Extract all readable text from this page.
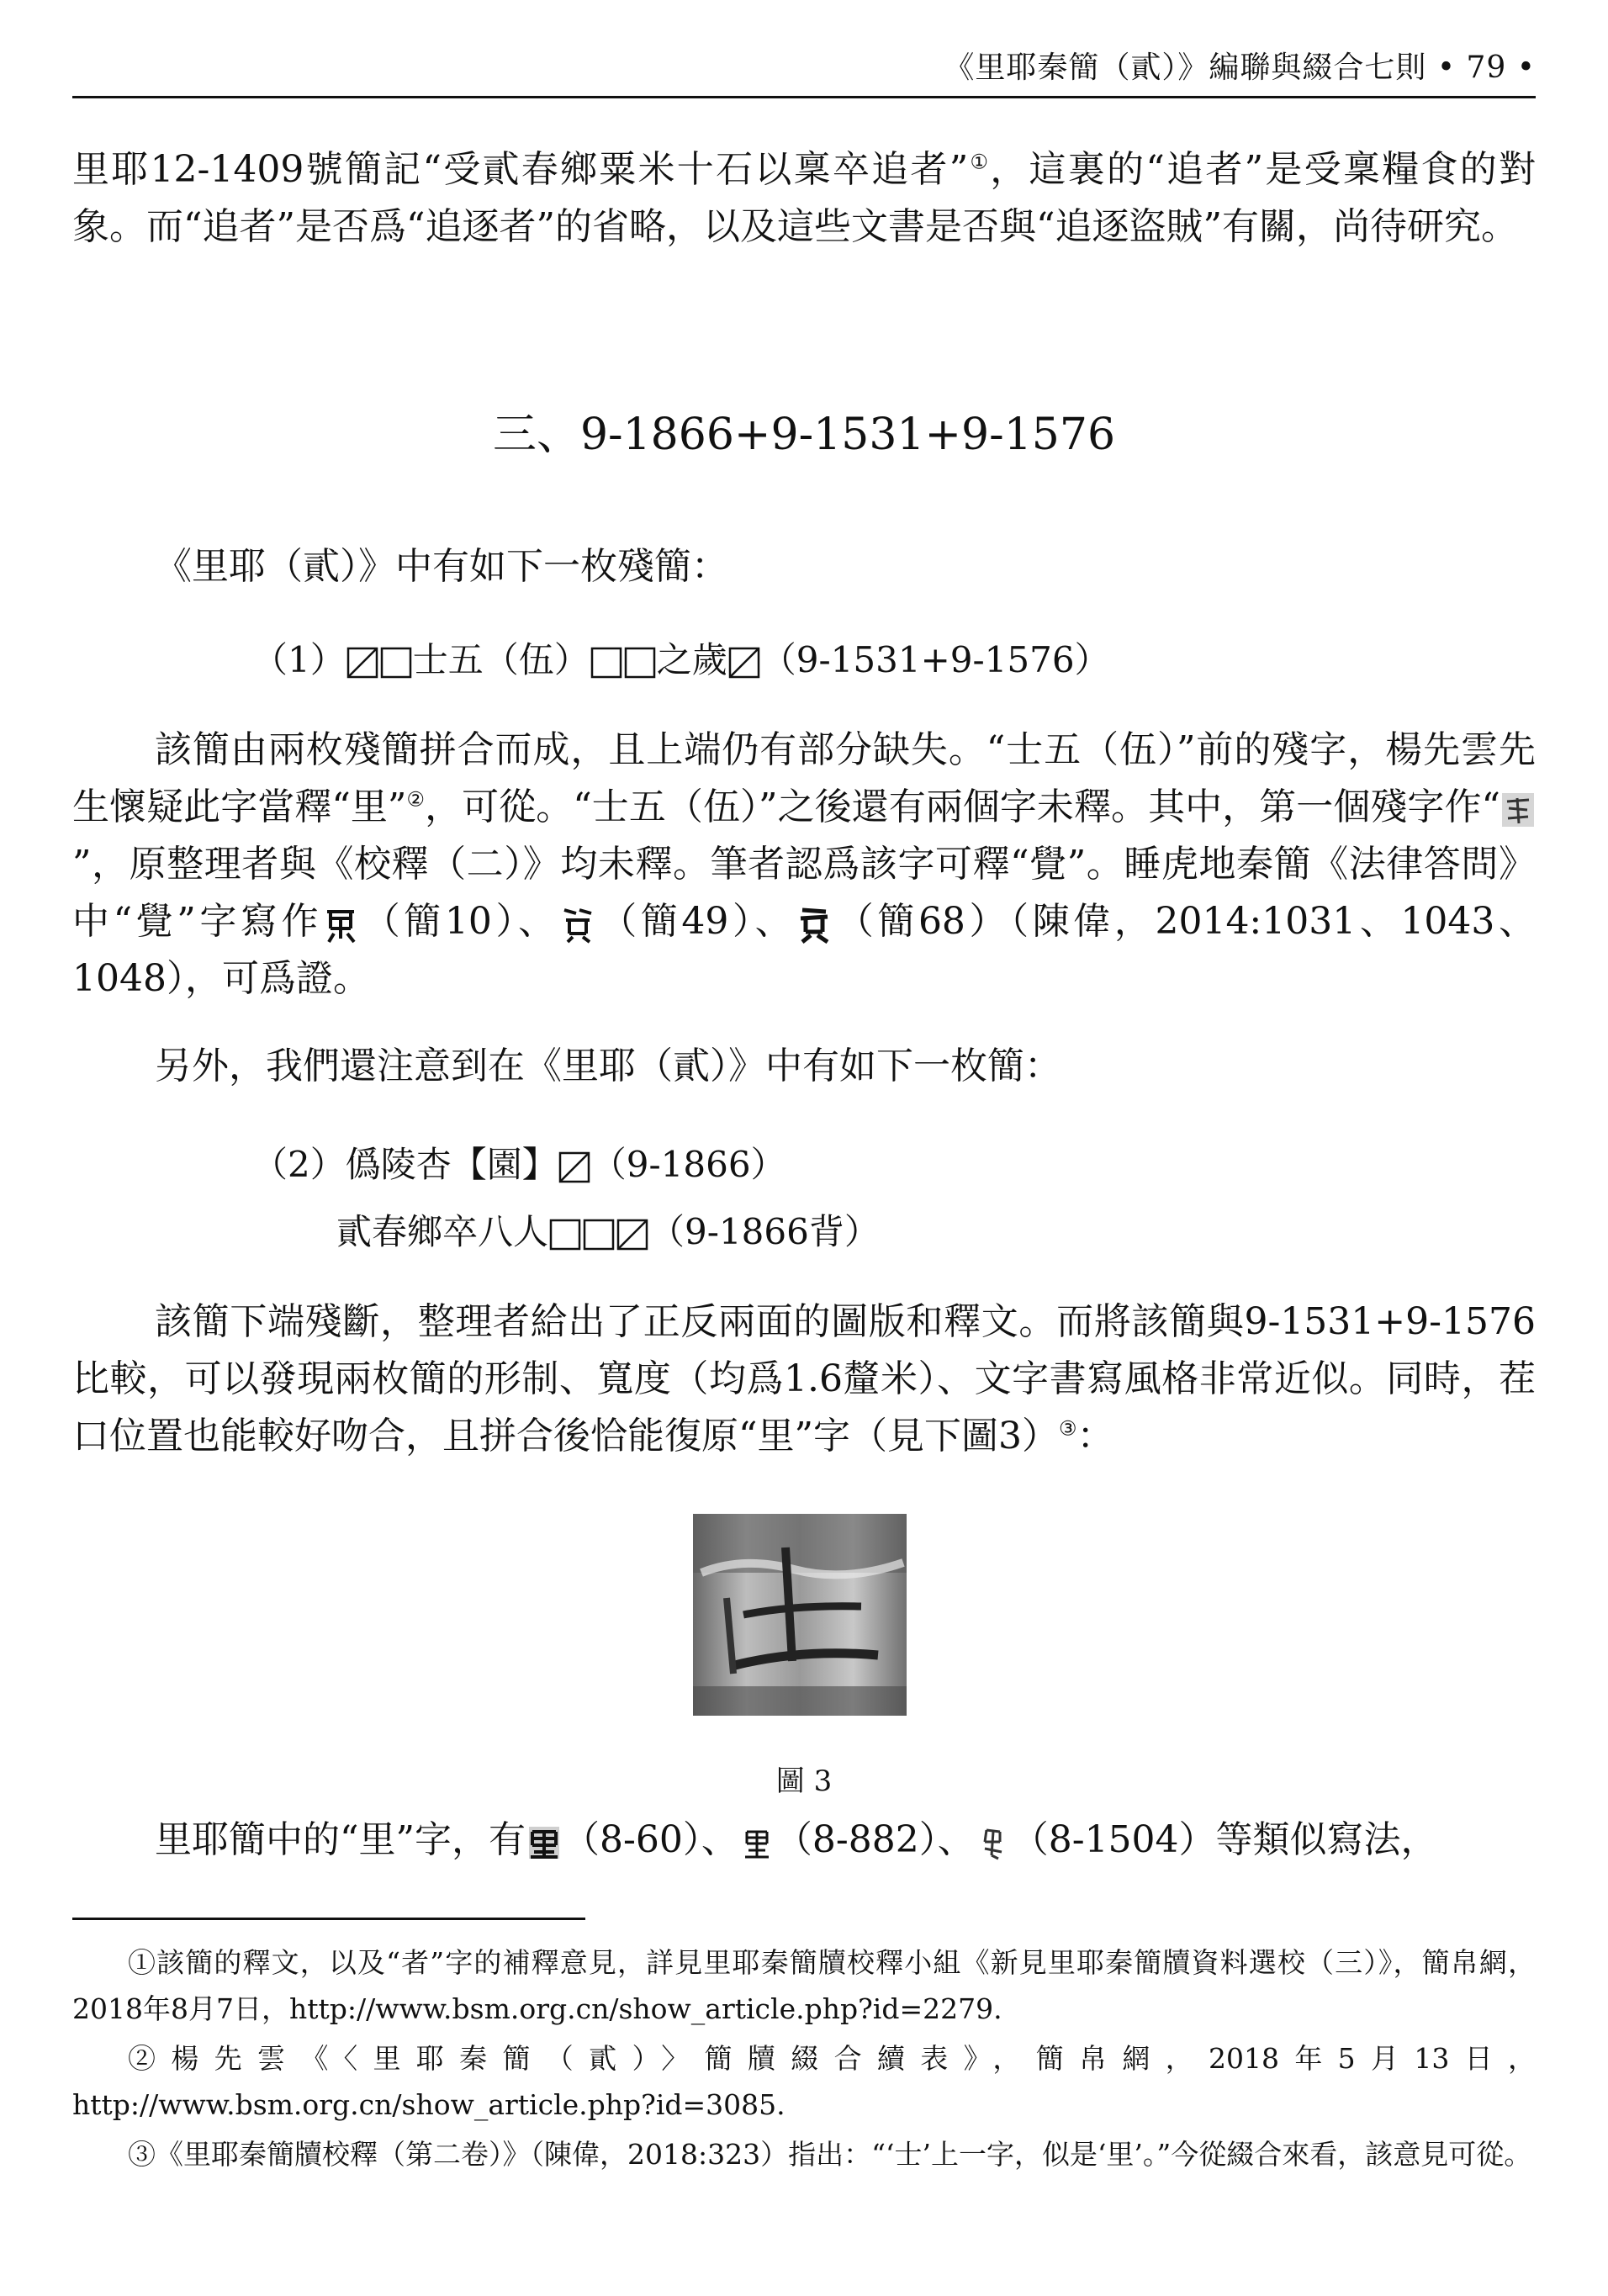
《里耶秦簡（貳）》編聯與綴合七則 • 79 •

里耶12-1409號簡記“受貳春鄉粟米十石以稟卒追者”①，這裏的“追者”是受稟糧食的對象。而“追者”是否爲“追逐者”的省略，以及這些文書是否與“追逐盜賊”有關，尚待研究。

三、9-1866+9-1531+9-1576

《里耶（貳）》中有如下一枚殘簡：

（1） 士五（伍） 之歲 （9-1531+9-1576）

該簡由兩枚殘簡拼合而成，且上端仍有部分缺失。“士五（伍）”前的殘字，楊先雲先生懷疑此字當釋“里”②，可從。“士五（伍）”之後還有兩個字未釋。其中，第一個殘字作“”，原整理者與《校釋（二）》均未釋。筆者認爲該字可釋“覺”。睡虎地秦簡《法律答問》中“覺”字寫作 （簡10）、 （簡49）、 （簡68）（陳偉，2014:1031、1043、1048），可爲證。

另外，我們還注意到在《里耶（貳）》中有如下一枚簡：

（2）僞陵杏【園】 （9-1866）
貳春鄉卒八人	（9-1866背）

該簡下端殘斷，整理者給出了正反兩面的圖版和釋文。而將該簡與9-1531+9-1576比較，可以發現兩枚簡的形制、寬度（均爲1.6釐米）、文字書寫風格非常近似。同時，茬口位置也能較好吻合，且拼合後恰能復原“里”字（見下圖3）③：

圖 3

里耶簡中的“里”字，有 （8-60）、 （8-882）、 （8-1504）等類似寫法，

①該簡的釋文，以及“者”字的補釋意見，詳見里耶秦簡牘校釋小組《新見里耶秦簡牘資料選校（三）》，簡帛網，2018年8月7日，http://www.bsm.org.cn/show_article.php?id=2279.

②楊先雲《〈里耶秦簡（貳）〉簡牘綴合續表》，簡帛網，2018年5月13日，http://www.bsm.org.cn/show_article.php?id=3085.

③《里耶秦簡牘校釋（第二卷）》（陳偉，2018:323）指出：“‘士’上一字，似是‘里’。”今從綴合來看，該意見可從。
